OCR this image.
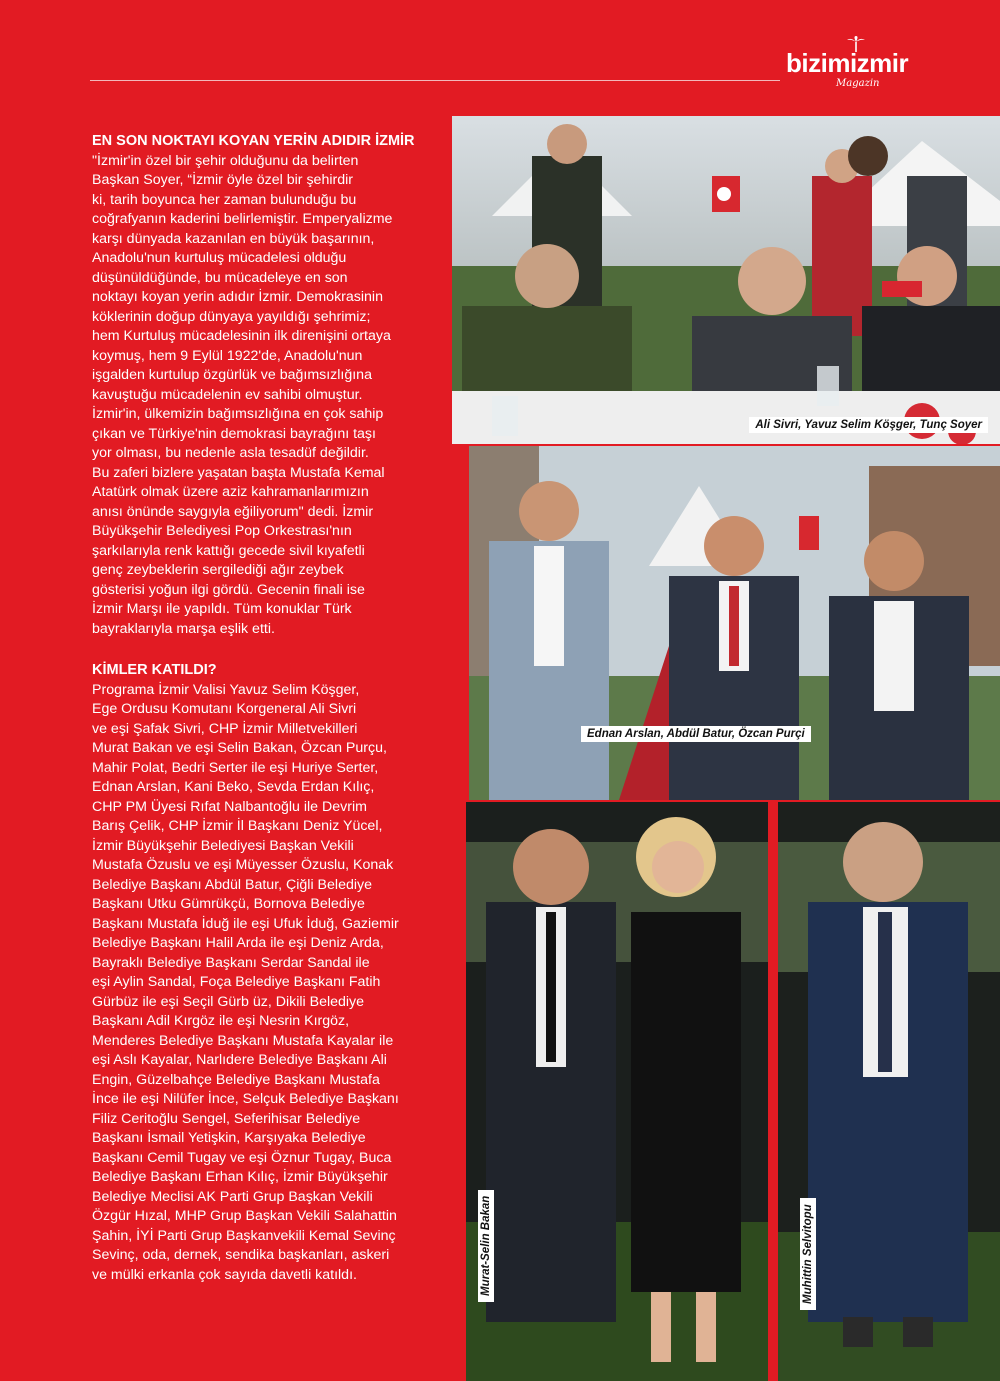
bizimizmir
Magazin

EN SON NOKTAYI KOYAN YERİN ADIDIR İZMİR

"İzmir'in özel bir şehir olduğunu da belirten
Başkan Soyer, “İzmir öyle özel bir şehirdir
ki, tarih boyunca her zaman bulunduğu bu
coğrafyanın kaderini belirlemiştir. Emperyalizme
karşı dünyada kazanılan en büyük başarının,
Anadolu'nun kurtuluş mücadelesi olduğu
düşünüldüğünde, bu mücadeleye en son
noktayı koyan yerin adıdır İzmir. Demokrasinin
köklerinin doğup dünyaya yayıldığı şehrimiz;
hem Kurtuluş mücadelesinin ilk direnişini ortaya
koymuş, hem 9 Eylül 1922'de, Anadolu'nun
işgalden kurtulup özgürlük ve bağımsızlığına
kavuştuğu mücadelenin ev sahibi olmuştur.
İzmir'in, ülkemizin bağımsızlığına en çok sahip
çıkan ve Türkiye'nin demokrasi bayrağını taşı
yor olması, bu nedenle asla tesadüf değildir.
Bu zaferi bizlere yaşatan başta Mustafa Kemal
Atatürk olmak üzere aziz kahramanlarımızın
anısı önünde saygıyla eğiliyorum" dedi. İzmir
Büyükşehir Belediyesi Pop Orkestrası'nın
şarkılarıyla renk kattığı gecede sivil kıyafetli
genç zeybeklerin sergilediği ağır zeybek
gösterisi yoğun ilgi gördü. Gecenin finali ise
İzmir Marşı ile yapıldı. Tüm konuklar Türk
bayraklarıyla marşa eşlik etti.

KİMLER KATILDI?

Programa İzmir Valisi Yavuz Selim Köşger,
Ege Ordusu Komutanı Korgeneral Ali Sivri
ve eşi Şafak Sivri, CHP İzmir Milletvekilleri
Murat Bakan ve eşi Selin Bakan, Özcan Purçu,
Mahir Polat, Bedri Serter ile eşi Huriye Serter,
Ednan Arslan, Kani Beko, Sevda Erdan Kılıç,
CHP PM Üyesi Rıfat Nalbantoğlu ile Devrim
Barış Çelik, CHP İzmir İl Başkanı Deniz Yücel,
İzmir Büyükşehir Belediyesi Başkan Vekili
Mustafa Özuslu ve eşi Müyesser Özuslu, Konak
Belediye Başkanı Abdül Batur, Çiğli Belediye
Başkanı Utku Gümrükçü, Bornova Belediye
Başkanı Mustafa İduğ ile eşi Ufuk İduğ, Gaziemir
Belediye Başkanı Halil Arda ile eşi Deniz Arda,
Bayraklı Belediye Başkanı Serdar Sandal ile
eşi Aylin Sandal, Foça Belediye Başkanı Fatih
Gürbüz ile eşi Seçil Gürb üz, Dikili Belediye
Başkanı Adil Kırgöz ile eşi Nesrin Kırgöz,
Menderes Belediye Başkanı Mustafa Kayalar ile
eşi Aslı Kayalar, Narlıdere Belediye Başkanı Ali
Engin, Güzelbahçe Belediye Başkanı Mustafa
İnce ile eşi Nilüfer İnce, Selçuk Belediye Başkanı
Filiz Ceritoğlu Sengel, Seferihisar Belediye
Başkanı İsmail Yetişkin, Karşıyaka Belediye
Başkanı Cemil Tugay ve eşi Öznur Tugay, Buca
Belediye Başkanı Erhan Kılıç, İzmir Büyükşehir
Belediye Meclisi AK Parti Grup Başkan Vekili
Özgür Hızal, MHP Grup Başkan Vekili Salahattin
Şahin, İYİ Parti Grup Başkanvekili Kemal Sevinç
Sevinç, oda, dernek, sendika başkanları, askeri
ve mülki erkanla çok sayıda davetli katıldı.
Ali Sivri, Yavuz Selim Köşger, Tunç Soyer
Ednan Arslan, Abdül Batur, Özcan Purçi
Murat-Selin Bakan	Muhittin Selvitopu
